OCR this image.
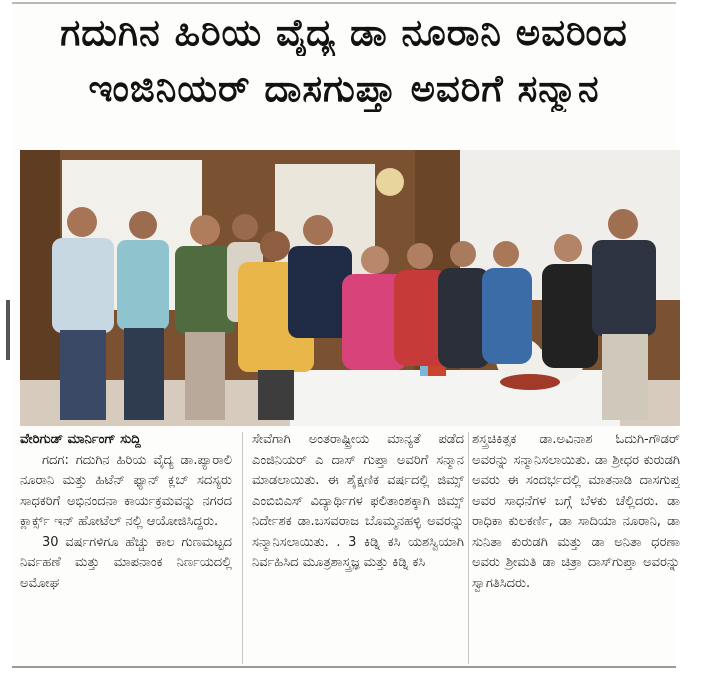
ಗದುಗಿನ ಹಿರಿಯ ವೈದ್ಯ ಡಾ ನೂರಾನಿ ಅವರಿಂದ
ಇಂಜಿನಿಯರ್ ದಾಸಗುಪ್ತಾ ಅವರಿಗೆ ಸನ್ಮಾನ

ವೇರಿಗುಡ್ ಮಾರ್ನಿಂಗ್ ಸುದ್ದಿ

ಗದಗ: ಗದುಗಿನ ಹಿರಿಯ ವೈದ್ಯ ಡಾ.ಪ್ಯಾರಾಲಿ ನೂರಾನಿ ಮತ್ತು ಹಿಟೆನ್ ಫ್ಯಾನ್ ಕ್ಲಬ್ ಸದಸ್ಯರು ಸಾಧಕರಿಗೆ ಅಭಿನಂದನಾ ಕಾರ್ಯಕ್ರಮವನ್ನು ನಗರದ ಕ್ಲಾರ್ಕ್ಸ್ ಇನ್ ಹೋಟೆಲ್ ನಲ್ಲಿ ಆಯೋಜಿಸಿದ್ದರು.

30 ವರ್ಷಗಳಿಗೂ ಹೆಚ್ಚು ಕಾಲ ಗುಣಮಟ್ಟದ ನಿರ್ವಹಣೆ ಮತ್ತು ಮಾಪನಾಂಕ ನಿರ್ಣಯದಲ್ಲಿ ಅಮೋಘ

ಸೇವೆಗಾಗಿ ಅಂತರಾಷ್ಟ್ರೀಯ ಮಾನ್ಯತೆ ಪಡೆದ ಎಂಜಿನಿಯರ್ ಎ ದಾಸ್ ಗುಪ್ತಾ ಅವರಿಗೆ ಸನ್ಮಾನ ಮಾಡಲಾಯಿತು. ಈ ಶೈಕ್ಷಣಿಕ ವರ್ಷದಲ್ಲಿ ಜಿಮ್ಸ್ ಎಂಬಿಬಿಎಸ್ ವಿದ್ಯಾರ್ಥಿಗಳ ಫಲಿತಾಂಶಕ್ಕಾಗಿ ಜಿಮ್ಸ್ ನಿರ್ದೇಶಕ ಡಾ.ಬಸವರಾಜ ಬೊಮ್ಮನಹಳ್ಳಿ ಅವರನ್ನು ಸನ್ಮಾನಿಸಲಾಯಿತು. . 3 ಕಿಡ್ನಿ ಕಸಿ ಯಶಸ್ವಿಯಾಗಿ ನಿರ್ವಹಿಸಿದ ಮೂತ್ರಶಾಸ್ತ್ರಜ್ಞ ಮತ್ತು ಕಿಡ್ನಿ ಕಸಿ

ಶಸ್ತ್ರಚಿಕಿತ್ಸಕ ಡಾ.ಅವಿನಾಶ ಓದುಗಿ-ಗೌಡರ್ ಅವರನ್ನು ಸನ್ಮಾನಿಸಲಾಯಿತು. ಡಾ ಶ್ರೀಧರ ಕುರುಡಗಿ ಅವರು ಈ ಸಂದರ್ಭದಲ್ಲಿ ಮಾತನಾಡಿ ದಾಸಗುಪ್ತ ಅವರ ಸಾಧನೆಗಳ ಬಗ್ಗೆ ಬೆಳಕು ಚೆಲ್ಲಿದರು. ಡಾ ರಾಧಿಕಾ ಕುಲಕರ್ಣಿ, ಡಾ ಸಾದಿಯಾ ನೂರಾನಿ, ಡಾ ಸುನಿತಾ ಕುರುಡಗಿ ಮತ್ತು ಡಾ ಅನಿತಾ ಧರಣಾ ಅವರು ಶ್ರೀಮತಿ ಡಾ ಚಿತ್ರಾ ದಾಸ್‌ಗುಪ್ತಾ ಅವರನ್ನು ಸ್ವಾಗತಿಸಿದರು.
